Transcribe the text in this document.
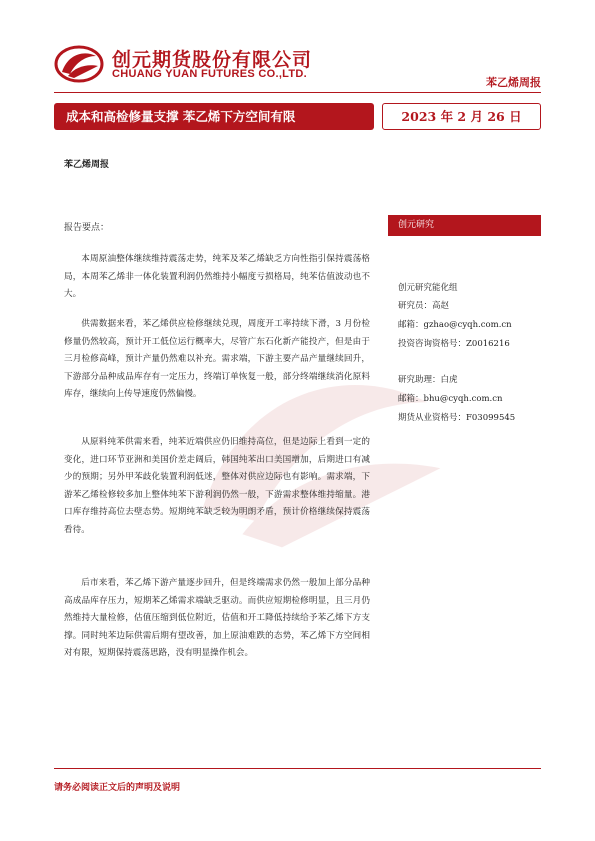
创元期货股份有限公司
CHUANG YUAN FUTURES CO.,LTD.
苯乙烯周报
成本和高检修量支撑 苯乙烯下方空间有限	2023 年 2 月 26 日
苯乙烯周报
报告要点：

本周原油整体继续维持震荡走势，纯苯及苯乙烯缺乏方向性指引保持震荡格局，本周苯乙烯非一体化装置利润仍然维持小幅度亏损格局，纯苯估值波动也不大。

供需数据来看，苯乙烯供应检修继续兑现，周度开工率持续下滑，3 月份检修量仍然较高，预计开工低位运行概率大，尽管广东石化新产能投产，但是由于三月检修高峰，预计产量仍然难以补充。需求端，下游主要产品产量继续回升，下游部分品种成品库存有一定压力，终端订单恢复一般，部分终端继续消化原料库存，继续向上传导速度仍然偏慢。

从原料纯苯供需来看，纯苯近端供应仍旧维持高位，但是边际上看到一定的变化，进口环节亚洲和美国价差走阔后，韩国纯苯出口美国增加，后期进口有减少的预期；另外甲苯歧化装置利润低迷，整体对供应边际也有影响。需求端，下游苯乙烯检修较多加上整体纯苯下游利润仍然一般，下游需求整体维持缩量。港口库存维持高位去壁态势。短期纯苯缺乏较为明朗矛盾，预计价格继续保持震荡看待。

后市来看，苯乙烯下游产量逐步回升，但是终端需求仍然一般加上部分品种高成品库存压力，短期苯乙烯需求端缺乏驱动。而供应短期检修明显，且三月仍然维持大量检修，估值压缩到低位附近，估值和开工降低持续给予苯乙烯下方支撑。同时纯苯边际供需后期有望改善，加上原油难跌的态势，苯乙烯下方空间相对有限，短期保持震荡思路，没有明显操作机会。

创元研究
创元研究能化组
研究员：高赵
邮箱：gzhao@cyqh.com.cn
投资咨询资格号：Z0016216
研究助理：白虎
邮箱：bhu@cyqh.com.cn
期货从业资格号：F03099545
请务必阅读正文后的声明及说明
